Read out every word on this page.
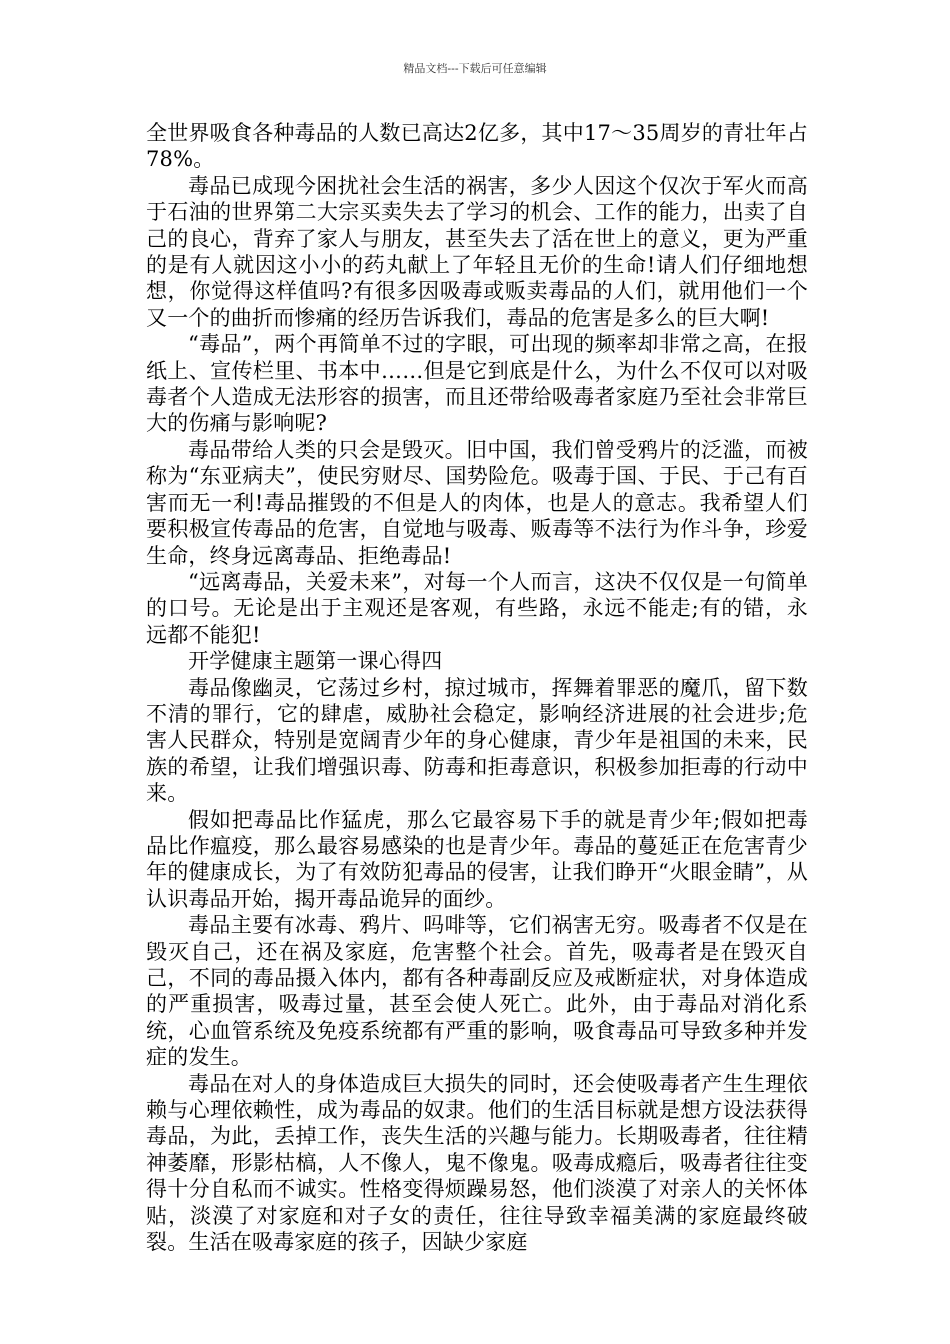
精品文档---下载后可任意编辑

全世界吸食各种毒品的人数已高达2亿多，其中17～35周岁的青壮年占78%。

毒品已成现今困扰社会生活的祸害，多少人因这个仅次于军火而高于石油的世界第二大宗买卖失去了学习的机会、工作的能力，出卖了自己的良心，背弃了家人与朋友，甚至失去了活在世上的意义，更为严重的是有人就因这小小的药丸献上了年轻且无价的生命!请人们仔细地想想，你觉得这样值吗?有很多因吸毒或贩卖毒品的人们，就用他们一个又一个的曲折而惨痛的经历告诉我们，毒品的危害是多么的巨大啊!

“毒品”，两个再简单不过的字眼，可出现的频率却非常之高，在报纸上、宣传栏里、书本中……但是它到底是什么，为什么不仅可以对吸毒者个人造成无法形容的损害，而且还带给吸毒者家庭乃至社会非常巨大的伤痛与影响呢?

毒品带给人类的只会是毁灭。旧中国，我们曾受鸦片的泛滥，而被称为“东亚病夫”，使民穷财尽、国势险危。吸毒于国、于民、于己有百害而无一利!毒品摧毁的不但是人的肉体，也是人的意志。我希望人们要积极宣传毒品的危害，自觉地与吸毒、贩毒等不法行为作斗争，珍爱生命，终身远离毒品、拒绝毒品!

“远离毒品，关爱未来”，对每一个人而言，这决不仅仅是一句简单的口号。无论是出于主观还是客观，有些路，永远不能走;有的错，永远都不能犯!

开学健康主题第一课心得四

毒品像幽灵，它荡过乡村，掠过城市，挥舞着罪恶的魔爪，留下数不清的罪行，它的肆虐，威胁社会稳定，影响经济进展的社会进步;危害人民群众，特别是宽阔青少年的身心健康，青少年是祖国的未来，民族的希望，让我们增强识毒、防毒和拒毒意识，积极参加拒毒的行动中来。

假如把毒品比作猛虎，那么它最容易下手的就是青少年;假如把毒品比作瘟疫，那么最容易感染的也是青少年。毒品的蔓延正在危害青少年的健康成长，为了有效防犯毒品的侵害，让我们睁开“火眼金睛”，从认识毒品开始，揭开毒品诡异的面纱。

毒品主要有冰毒、鸦片、吗啡等，它们祸害无穷。吸毒者不仅是在毁灭自己，还在祸及家庭，危害整个社会。首先，吸毒者是在毁灭自己，不同的毒品摄入体内，都有各种毒副反应及戒断症状，对身体造成的严重损害，吸毒过量，甚至会使人死亡。此外，由于毒品对消化系统，心血管系统及免疫系统都有严重的影响，吸食毒品可导致多种并发症的发生。

毒品在对人的身体造成巨大损失的同时，还会使吸毒者产生生理依赖与心理依赖性，成为毒品的奴隶。他们的生活目标就是想方设法获得毒品，为此，丢掉工作，丧失生活的兴趣与能力。长期吸毒者，往往精神萎靡，形影枯槁，人不像人，鬼不像鬼。吸毒成瘾后，吸毒者往往变得十分自私而不诚实。性格变得烦躁易怒，他们淡漠了对亲人的关怀体贴，淡漠了对家庭和对子女的责任，往往导致幸福美满的家庭最终破裂。生活在吸毒家庭的孩子，因缺少家庭
